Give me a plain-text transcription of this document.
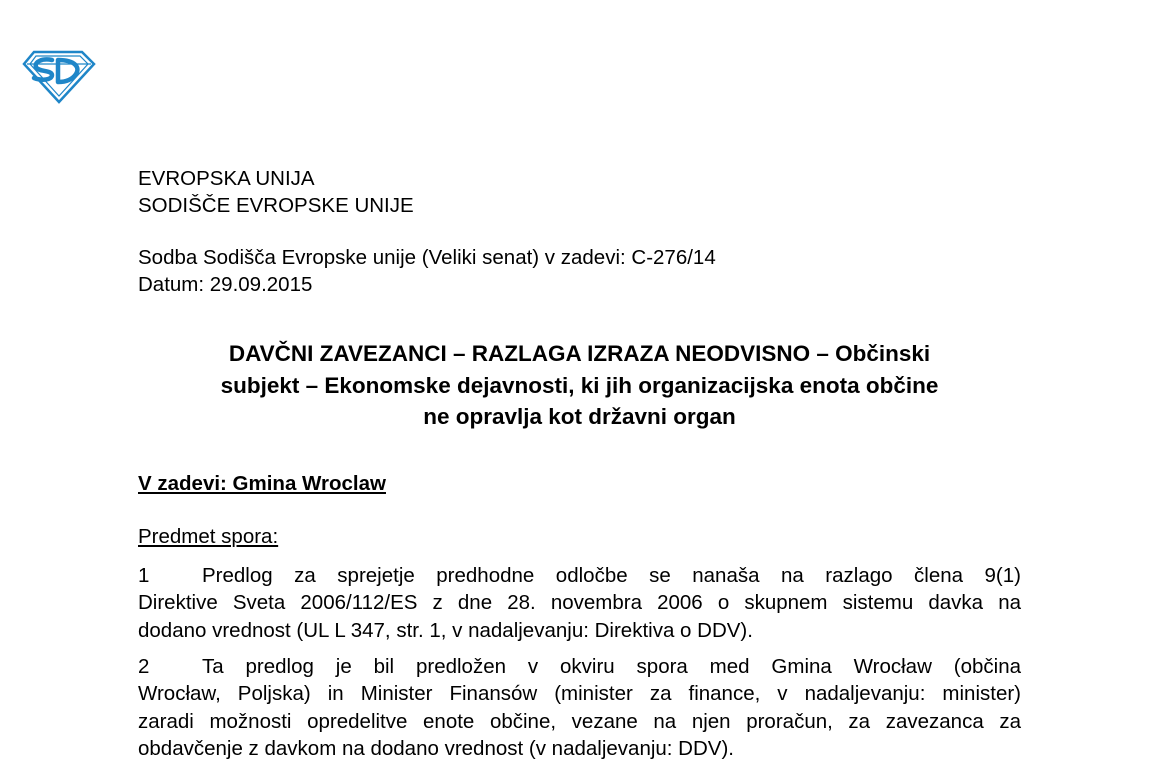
EVROPSKA UNIJA
SODIŠČE EVROPSKE UNIJE
Sodba Sodišča Evropske unije (Veliki senat) v zadevi: C-276/14
Datum: 29.09.2015
DAVČNI ZAVEZANCI – RAZLAGA IZRAZA NEODVISNO – Občinski
subjekt – Ekonomske dejavnosti, ki jih organizacijska enota občine
ne opravlja kot državni organ
V zadevi: Gmina Wroclaw
Predmet spora:
1	Predlog za sprejetje predhodne odločbe se nanaša na razlago člena 9(1)
Direktive Sveta 2006/112/ES z dne 28. novembra 2006 o skupnem sistemu davka na
dodano vrednost (UL L 347, str. 1, v nadaljevanju: Direktiva o DDV).
2	Ta predlog je bil predložen v okviru spora med Gmina Wrocław (občina
Wrocław, Poljska) in Minister Finansów (minister za finance, v nadaljevanju: minister)
zaradi možnosti opredelitve enote občine, vezane na njen proračun, za zavezanca za
obdavčenje z davkom na dodano vrednost (v nadaljevanju: DDV).
